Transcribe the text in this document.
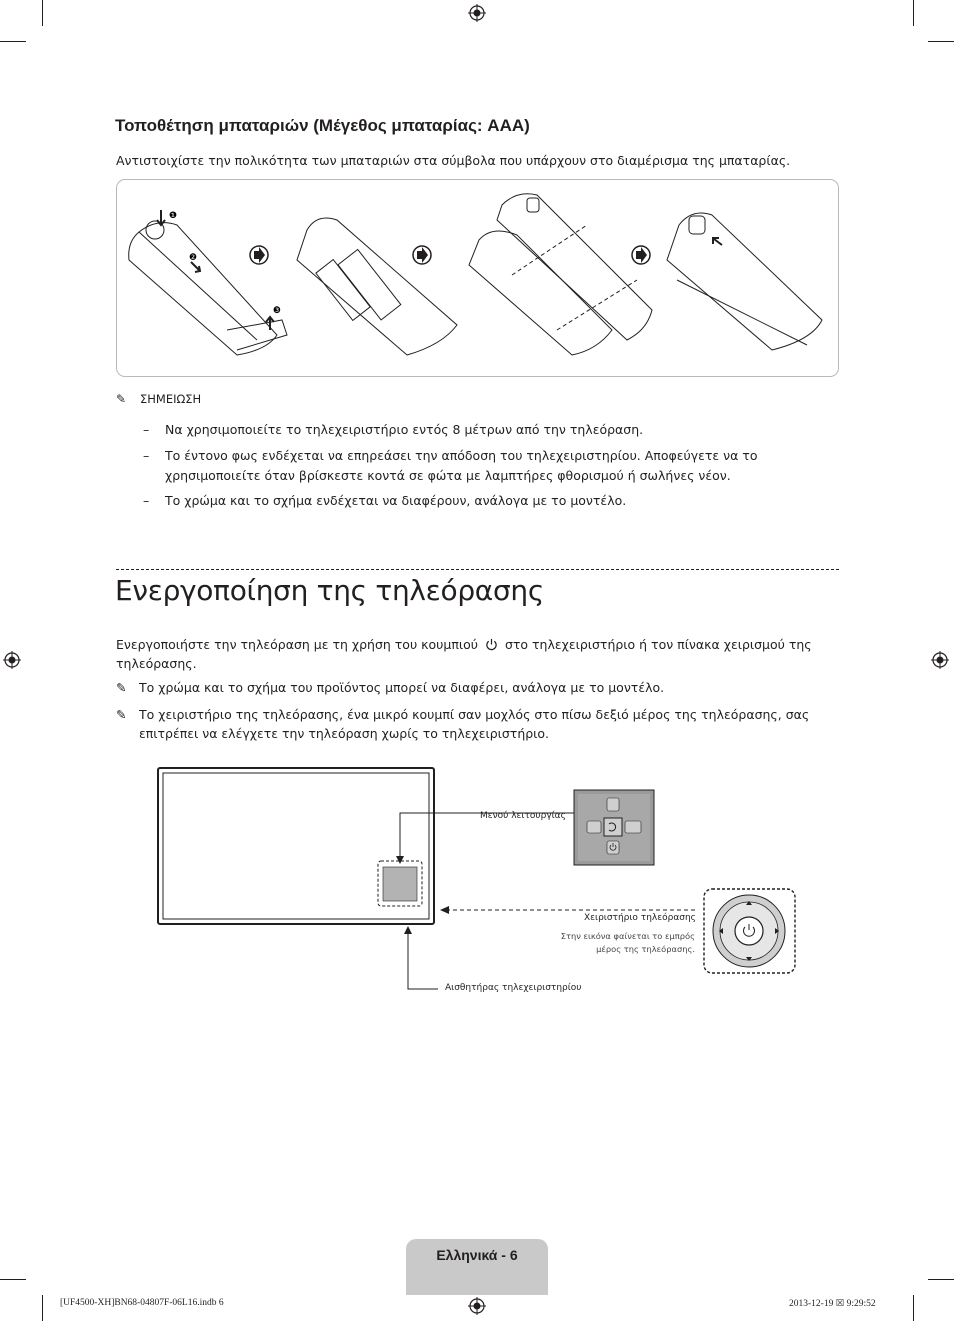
Τοποθέτηση μπαταριών (Μέγεθος μπαταρίας: AAA)
Αντιστοιχίστε την πολικότητα των μπαταριών στα σύμβολα που υπάρχουν στο διαμέρισμα της μπαταρίας.
❶
❷
❸
✎ ΣΗΜΕΙΩΣΗ
– Να χρησιμοποιείτε το τηλεχειριστήριο εντός 8 μέτρων από την τηλεόραση.
– Το έντονο φως ενδέχεται να επηρεάσει την απόδοση του τηλεχειριστηρίου. Αποφεύγετε να το χρησιμοποιείτε όταν βρίσκεστε κοντά σε φώτα με λαμπτήρες φθορισμού ή σωλήνες νέον.
– Το χρώμα και το σχήμα ενδέχεται να διαφέρουν, ανάλογα με το μοντέλο.
Ενεργοποίηση της τηλεόρασης
Ενεργοποιήστε την τηλεόραση με τη χρήση του κουμπιού στο τηλεχειριστήριο ή τον πίνακα χειρισμού της τηλεόρασης.
✎ Το χρώμα και το σχήμα του προϊόντος μπορεί να διαφέρει, ανάλογα με το μοντέλο.
✎ Το χειριστήριο της τηλεόρασης, ένα μικρό κουμπί σαν μοχλός στο πίσω δεξιό μέρος της τηλεόρασης, σας επιτρέπει να ελέγχετε την τηλεόραση χωρίς το τηλεχειριστήριο.
Μενού λειτουργίας
Χειριστήριο τηλεόρασης
Στην εικόνα φαίνεται το εμπρός
μέρος της τηλεόρασης.
Αισθητήρας τηλεχειριστηρίου
Ελληνικά - 6
[UF4500-XH]BN68-04807F-06L16.indb 6	2013-12-19 ☒ 9:29:52
